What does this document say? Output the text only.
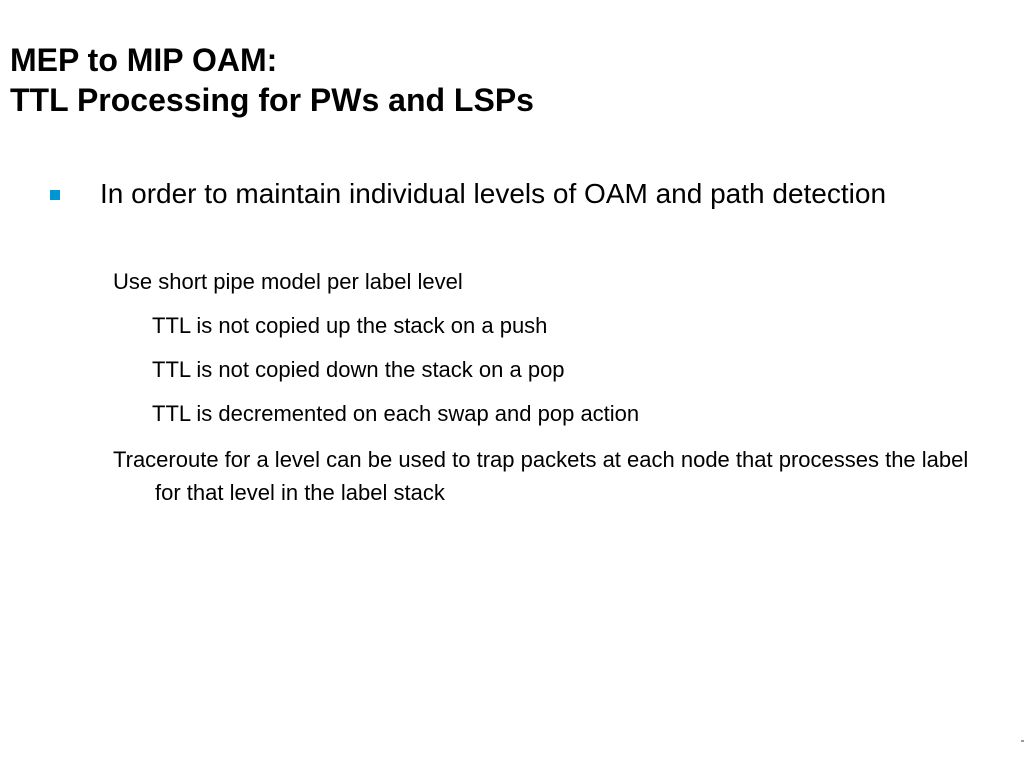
MEP to MIP OAM:
TTL Processing for PWs and LSPs
In order to maintain individual levels of OAM and path detection
Use short pipe model per label level
TTL is not copied up the stack on a push
TTL is not copied down the stack on a pop
TTL is decremented on each swap and pop action
Traceroute for a level can be used to trap packets at each node that processes the label for that level in the label stack
